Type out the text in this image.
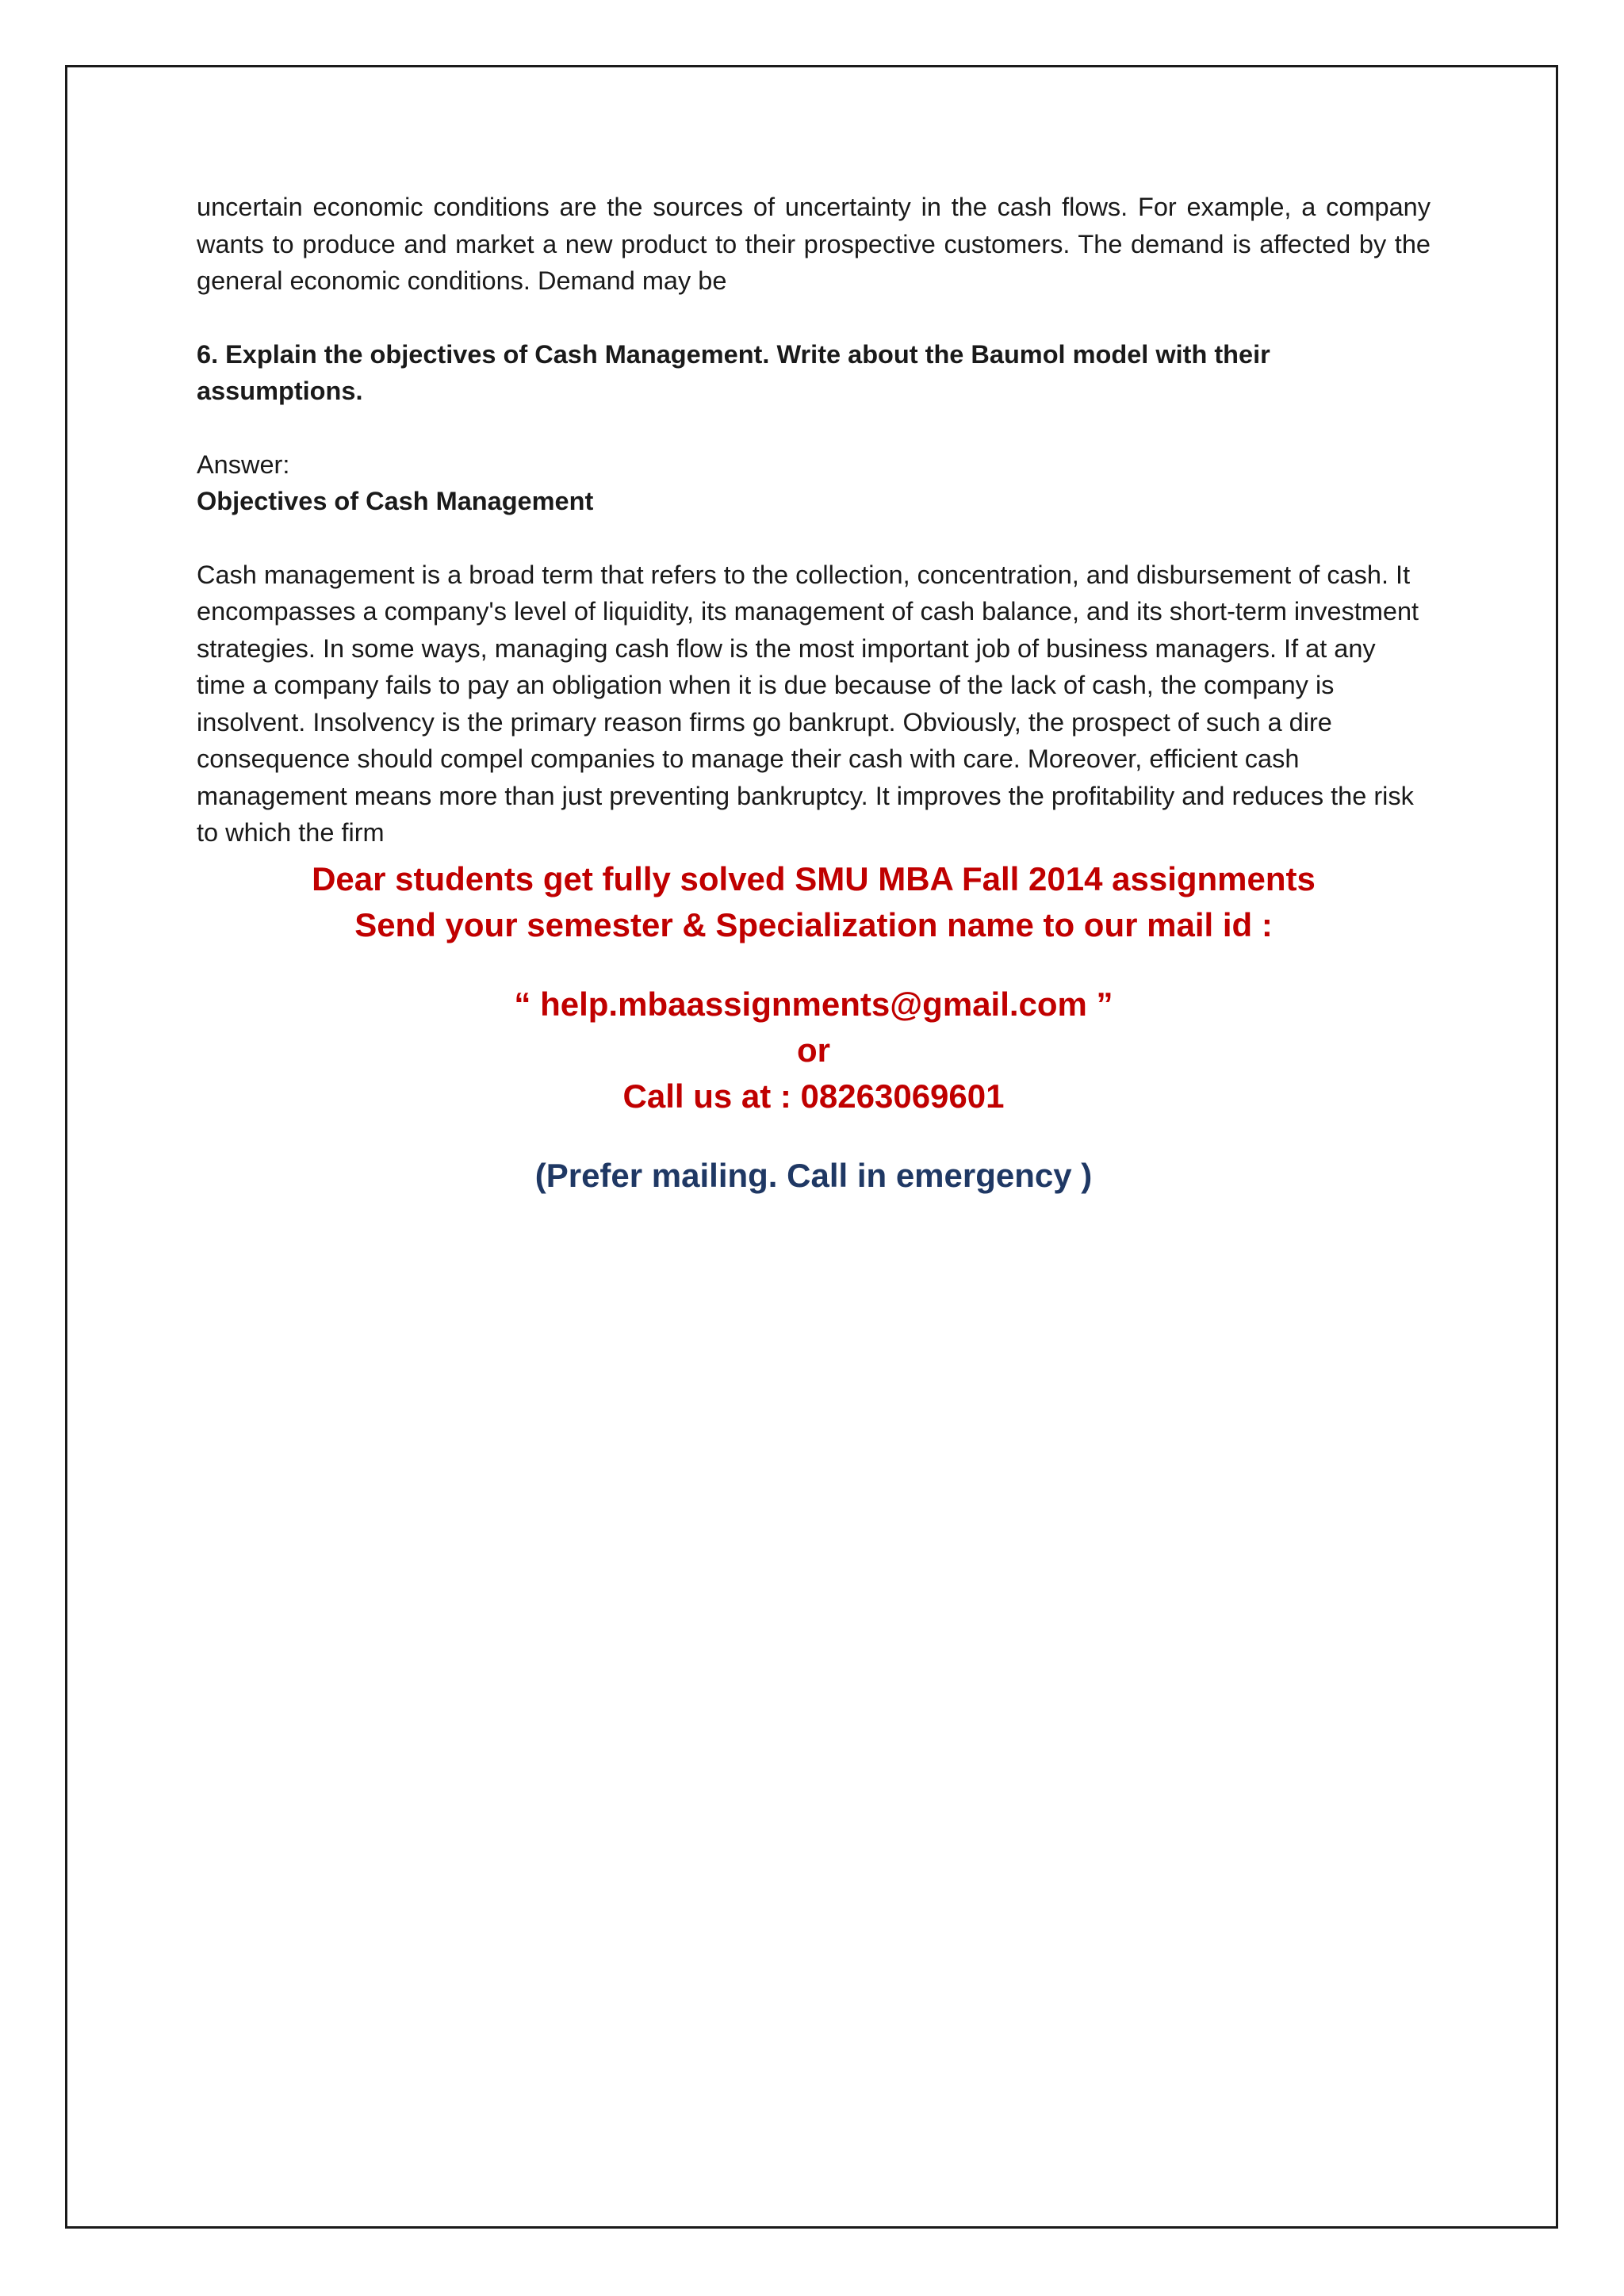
uncertain economic conditions are the sources of uncertainty in the cash flows. For example, a company wants to produce and market a new product to their prospective customers. The demand is affected by the general economic conditions. Demand may be

6. Explain the objectives of Cash Management. Write about the Baumol model with their assumptions.

Answer:

Objectives of Cash Management

Cash management is a broad term that refers to the collection, concentration, and disbursement of cash. It encompasses a company's level of liquidity, its management of cash balance, and its short-term investment strategies. In some ways, managing cash flow is the most important job of business managers. If at any time a company fails to pay an obligation when it is due because of the lack of cash, the company is insolvent. Insolvency is the primary reason firms go bankrupt. Obviously, the prospect of such a dire consequence should compel companies to manage their cash with care. Moreover, efficient cash management means more than just preventing bankruptcy. It improves the profitability and reduces the risk to which the firm

Dear students get fully solved SMU MBA Fall 2014 assignments

Send your semester & Specialization name to our mail id :

“ help.mbaassignments@gmail.com ”

or

Call us at : 08263069601

(Prefer mailing. Call in emergency )
